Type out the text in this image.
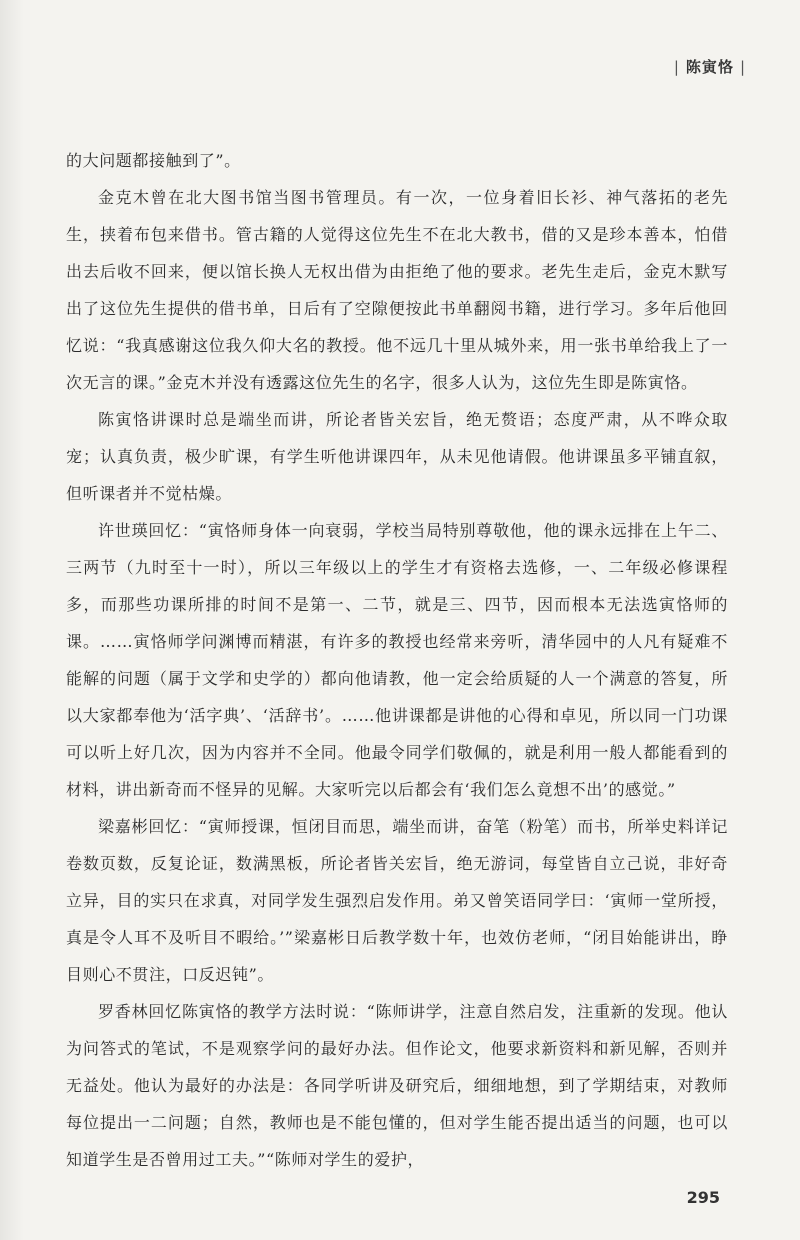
| 陈寅恪 |

的大问题都接触到了”。

金克木曾在北大图书馆当图书管理员。有一次，一位身着旧长衫、神气落拓的老先生，挟着布包来借书。管古籍的人觉得这位先生不在北大教书，借的又是珍本善本，怕借出去后收不回来，便以馆长换人无权出借为由拒绝了他的要求。老先生走后，金克木默写出了这位先生提供的借书单，日后有了空隙便按此书单翻阅书籍，进行学习。多年后他回忆说：“我真感谢这位我久仰大名的教授。他不远几十里从城外来，用一张书单给我上了一次无言的课。”金克木并没有透露这位先生的名字，很多人认为，这位先生即是陈寅恪。

陈寅恪讲课时总是端坐而讲，所论者皆关宏旨，绝无赘语；态度严肃，从不哗众取宠；认真负责，极少旷课，有学生听他讲课四年，从未见他请假。他讲课虽多平铺直叙，但听课者并不觉枯燥。

许世瑛回忆：“寅恪师身体一向衰弱，学校当局特别尊敬他，他的课永远排在上午二、三两节（九时至十一时），所以三年级以上的学生才有资格去选修，一、二年级必修课程多，而那些功课所排的时间不是第一、二节，就是三、四节，因而根本无法选寅恪师的课。……寅恪师学问渊博而精湛，有许多的教授也经常来旁听，清华园中的人凡有疑难不能解的问题（属于文学和史学的）都向他请教，他一定会给质疑的人一个满意的答复，所以大家都奉他为‘活字典’、‘活辞书’。……他讲课都是讲他的心得和卓见，所以同一门功课可以听上好几次，因为内容并不全同。他最令同学们敬佩的，就是利用一般人都能看到的材料，讲出新奇而不怪异的见解。大家听完以后都会有‘我们怎么竟想不出’的感觉。”

梁嘉彬回忆：“寅师授课，恒闭目而思，端坐而讲，奋笔（粉笔）而书，所举史料详记卷数页数，反复论证，数满黑板，所论者皆关宏旨，绝无游词，每堂皆自立己说，非好奇立异，目的实只在求真，对同学发生强烈启发作用。弟又曾笑语同学曰：‘寅师一堂所授，真是令人耳不及听目不暇给。’”梁嘉彬日后教学数十年，也效仿老师，“闭目始能讲出，睁目则心不贯注，口反迟钝”。

罗香林回忆陈寅恪的教学方法时说：“陈师讲学，注意自然启发，注重新的发现。他认为问答式的笔试，不是观察学问的最好办法。但作论文，他要求新资料和新见解，否则并无益处。他认为最好的办法是：各同学听讲及研究后，细细地想，到了学期结束，对教师每位提出一二问题；自然，教师也是不能包懂的，但对学生能否提出适当的问题，也可以知道学生是否曾用过工夫。”“陈师对学生的爱护，

295
